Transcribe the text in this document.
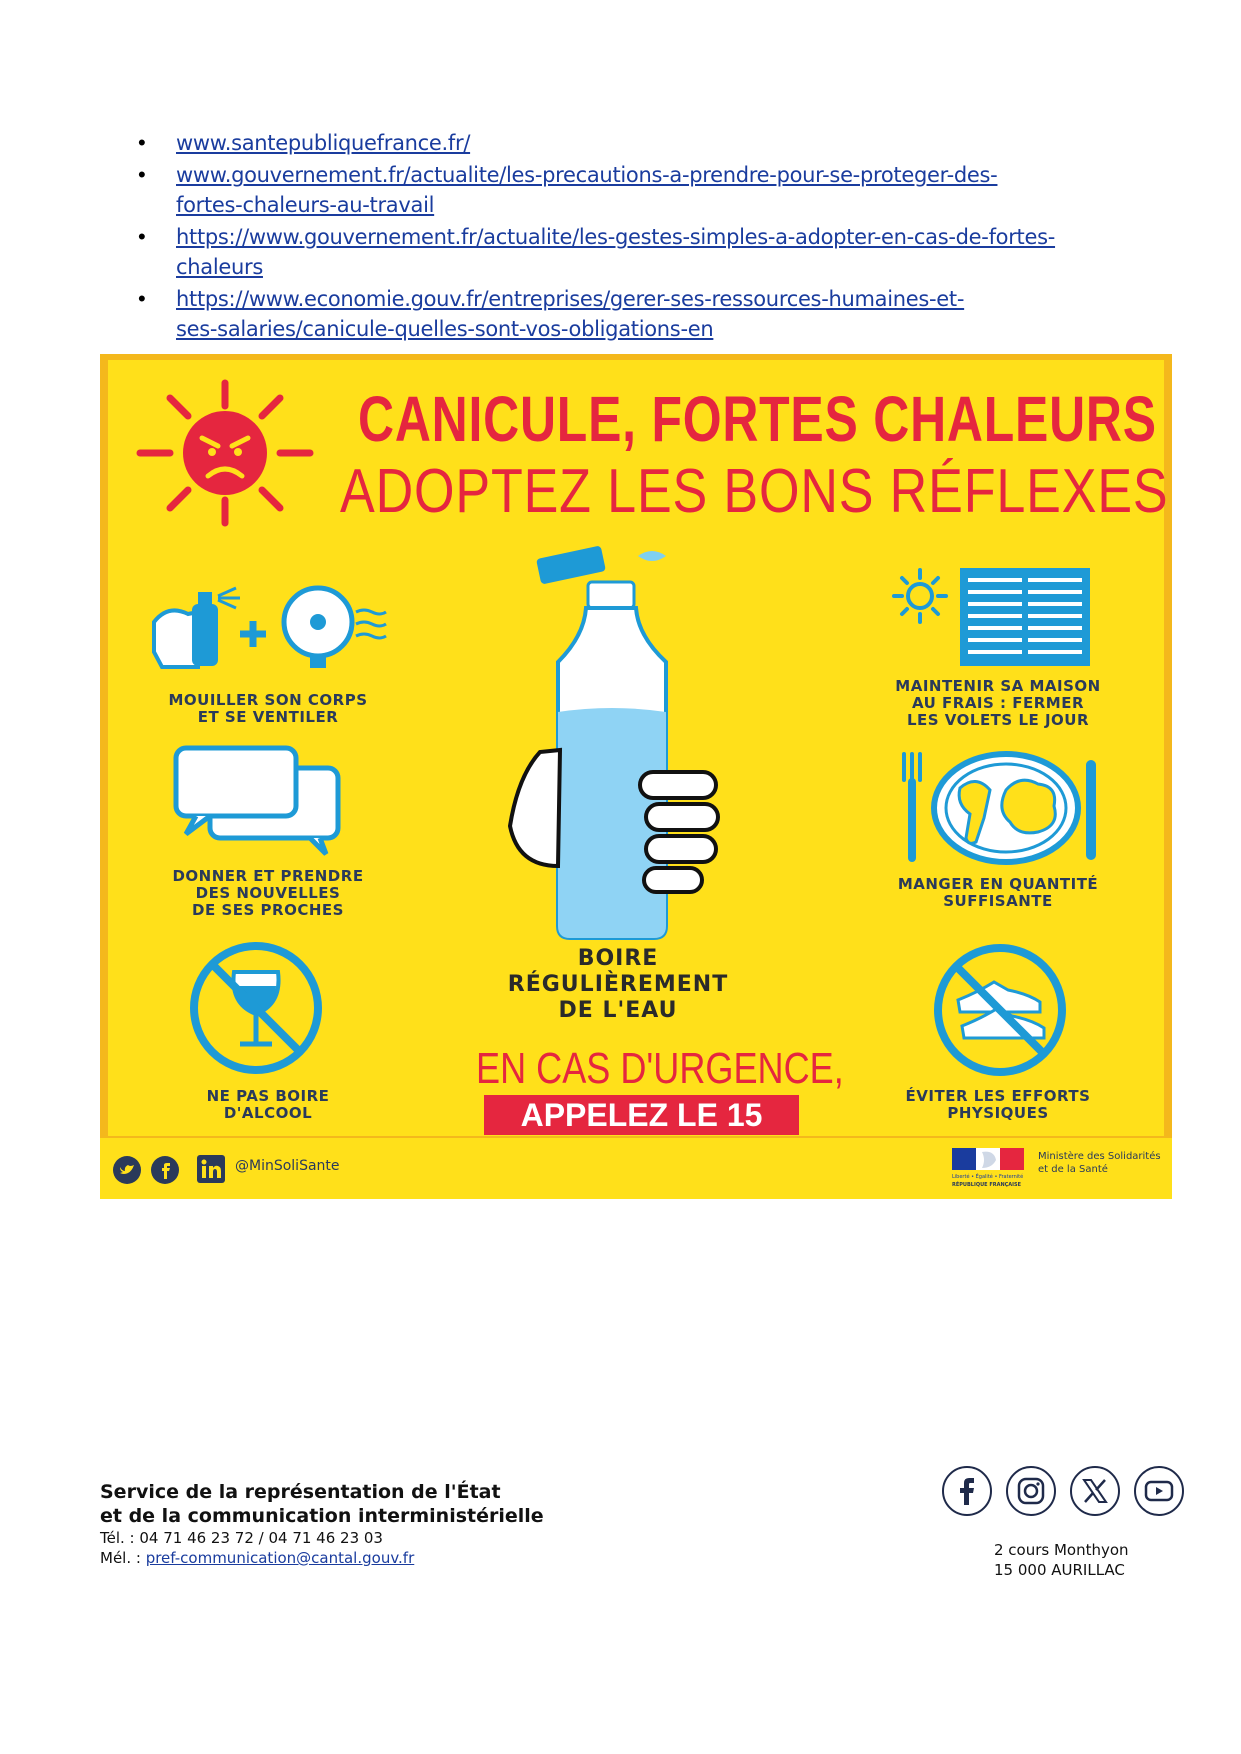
• www.santepubliquefrance.fr/
• www.gouvernement.fr/actualite/les-precautions-a-prendre-pour-se-proteger-des-
fortes-chaleurs-au-travail
• https://www.gouvernement.fr/actualite/les-gestes-simples-a-adopter-en-cas-de-fortes-
chaleurs
• https://www.economie.gouv.fr/entreprises/gerer-ses-ressources-humaines-et-
ses-salaries/canicule-quelles-sont-vos-obligations-en
CANICULE, FORTES CHALEURS
ADOPTEZ LES BONS RÉFLEXES
MOUILLER SON CORPS
ET SE VENTILER
DONNER ET PRENDRE
DES NOUVELLES
DE SES PROCHES
NE PAS BOIRE
D'ALCOOL
BOIRE
RÉGULIÈREMENT
DE L'EAU
EN CAS D'URGENCE,
APPELEZ LE 15
MAINTENIR SA MAISON
AU FRAIS : FERMER
LES VOLETS LE JOUR
MANGER EN QUANTITÉ
SUFFISANTE
ÉVITER LES EFFORTS
PHYSIQUES
@MinSoliSante
Liberté • Égalité • Fraternité
RÉPUBLIQUE FRANÇAISE
Ministère des Solidarités
et de la Santé
Service de la représentation de l'État
et de la communication interministérielle
Tél. : 04 71 46 23 72 / 04 71 46 23 03
Mél. : pref-communication@cantal.gouv.fr	2 cours Monthyon
15 000 AURILLAC
